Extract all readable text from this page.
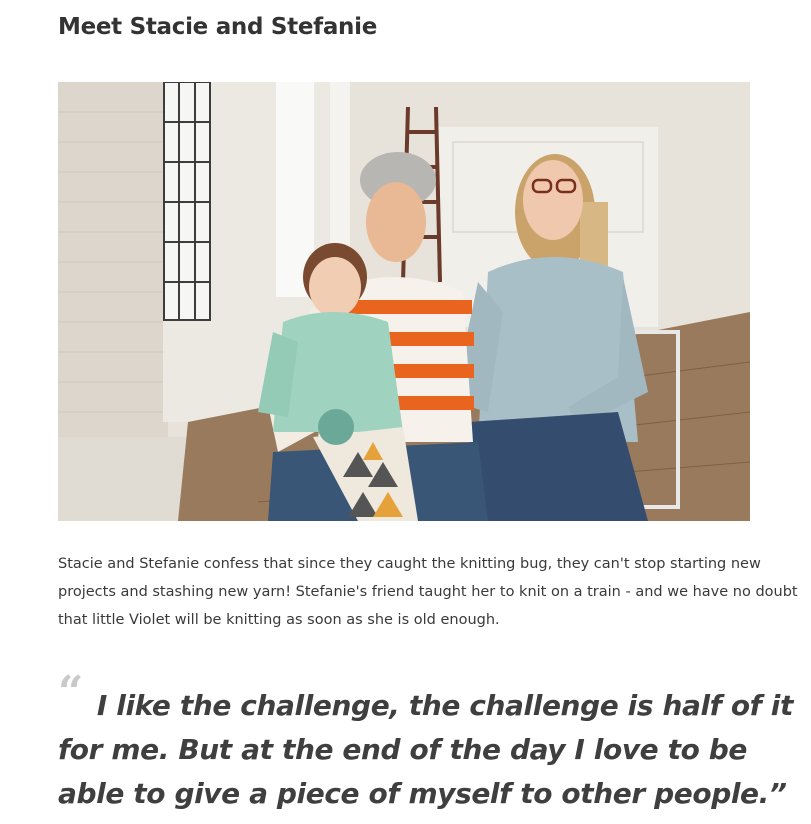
Meet Stacie and Stefanie

Stacie and Stefanie confess that since they caught the knitting bug, they can't stop starting new projects and stashing new yarn! Stefanie's friend taught her to knit on a train - and we have no doubt that little Violet will be knitting as soon as she is old enough.

“ I like the challenge, the challenge is half of it for me. But at the end of the day I love to be able to give a piece of myself to other people.”
